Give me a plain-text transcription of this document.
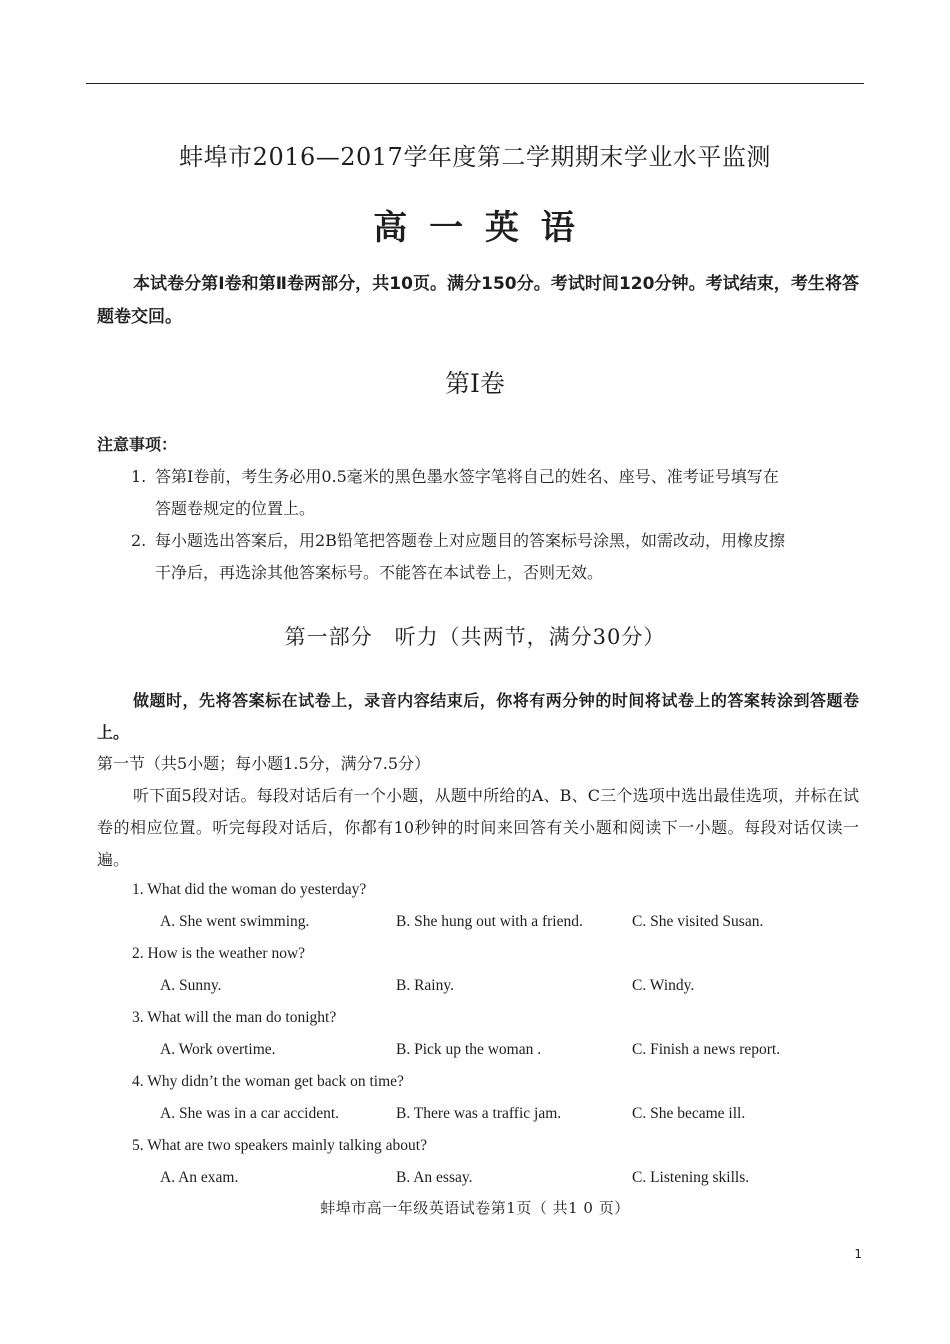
蚌埠市2016—2017学年度第二学期期末学业水平监测
高 一 英 语
本试卷分第Ⅰ卷和第Ⅱ卷两部分，共10页。满分150分。考试时间120分钟。考试结束，考生将答题卷交回。
第Ⅰ卷
注意事项：
1. 答第Ⅰ卷前，考生务必用0.5毫米的黑色墨水签字笔将自己的姓名、座号、准考证号填写在
答题卷规定的位置上。
2. 每小题选出答案后，用2B铅笔把答题卷上对应题目的答案标号涂黑，如需改动，用橡皮擦
干净后，再选涂其他答案标号。不能答在本试卷上，否则无效。
第一部分　听力（共两节，满分30分）
做题时，先将答案标在试卷上，录音内容结束后，你将有两分钟的时间将试卷上的答案转涂到答题卷上。
第一节（共5小题；每小题1.5分，满分7.5分）
听下面5段对话。每段对话后有一个小题，从题中所给的A、B、C三个选项中选出最佳选项，并标在试卷的相应位置。听完每段对话后，你都有10秒钟的时间来回答有关小题和阅读下一小题。每段对话仅读一遍。
1. What did the woman do yesterday?
A. She went swimming.	B. She hung out with a friend.	C. She visited Susan.
2. How is the weather now?
A. Sunny.	B. Rainy.	C. Windy.
3. What will the man do tonight?
A. Work overtime.	B. Pick up the woman .	C. Finish a news report.
4. Why didn’t the woman get back on time?
A. She was in a car accident.	B. There was a traffic jam.	C. She became ill.
5. What are two speakers mainly talking about?
A. An exam.	B. An essay.	C. Listening skills.
蚌埠市高一年级英语试卷第1页（ 共1 0 页）
1
